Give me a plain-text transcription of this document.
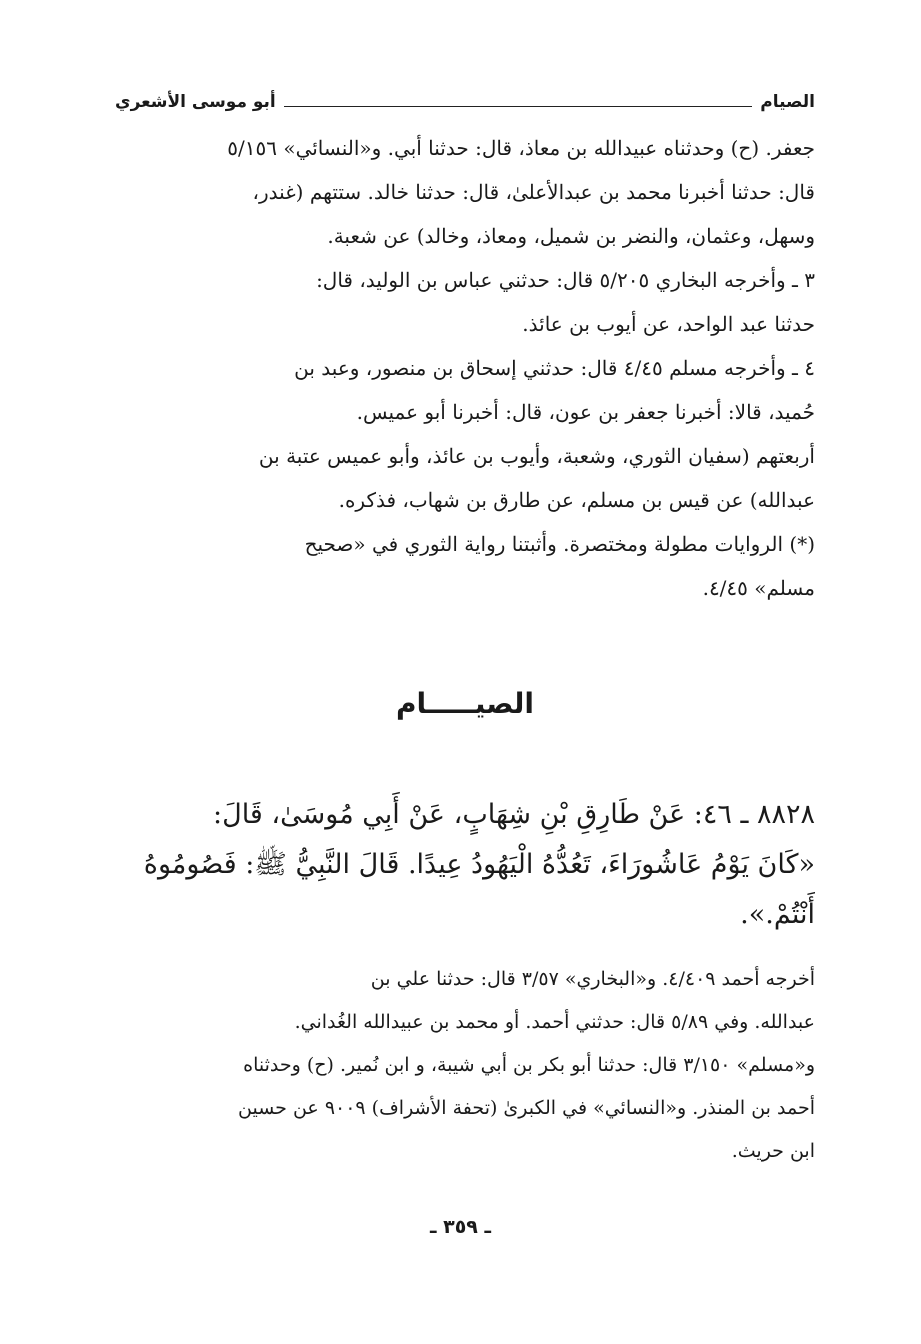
الصيام
أبو موسى الأشعري
جعفر. (ح) وحدثناه عبيدالله بن معاذ، قال: حدثنا أبي. و«النسائي» ٥/١٥٦
قال: حدثنا أخبرنا محمد بن عبدالأعلىٰ، قال: حدثنا خالد. ستتهم (غندر،
وسهل، وعثمان، والنضر بن شميل، ومعاذ، وخالد) عن شعبة.
٣ ـ وأخرجه البخاري ٥/٢٠٥ قال: حدثني عباس بن الوليد، قال:
حدثنا عبد الواحد، عن أيوب بن عائذ.
٤ ـ وأخرجه مسلم ٤/٤٥ قال: حدثني إسحاق بن منصور، وعبد بن
حُميد، قالا: أخبرنا جعفر بن عون، قال: أخبرنا أبو عميس.
أربعتهم (سفيان الثوري، وشعبة، وأيوب بن عائذ، وأبو عميس عتبة بن
عبدالله) عن قيس بن مسلم، عن طارق بن شهاب، فذكره.
(*) الروايات مطولة ومختصرة. وأثبتنا رواية الثوري في «صحيح
مسلم» ٤/٤٥.
الصيـــــام
٨٨٢٨ ـ ٤٦: عَنْ طَارِقِ بْنِ شِهَابٍ، عَنْ أَبِي مُوسَىٰ، قَالَ:
«كَانَ يَوْمُ عَاشُورَاءَ، تَعُدُّهُ الْيَهُودُ عِيدًا. قَالَ النَّبِيُّ ﷺ: فَصُومُوهُ
أَنْتُمْ.».
أخرجه أحمد ٤/٤٠٩. و«البخاري» ٣/٥٧ قال: حدثنا علي بن
عبدالله. وفي ٥/٨٩ قال: حدثني أحمد. أو محمد بن عبيدالله الغُداني.
و«مسلم» ٣/١٥٠ قال: حدثنا أبو بكر بن أبي شيبة، و ابن نُمير. (ح) وحدثناه
أحمد بن المنذر. و«النسائي» في الكبرىٰ (تحفة الأشراف) ٩٠٠٩ عن حسين
ابن حريث.
ـ ٣٥٩ ـ
